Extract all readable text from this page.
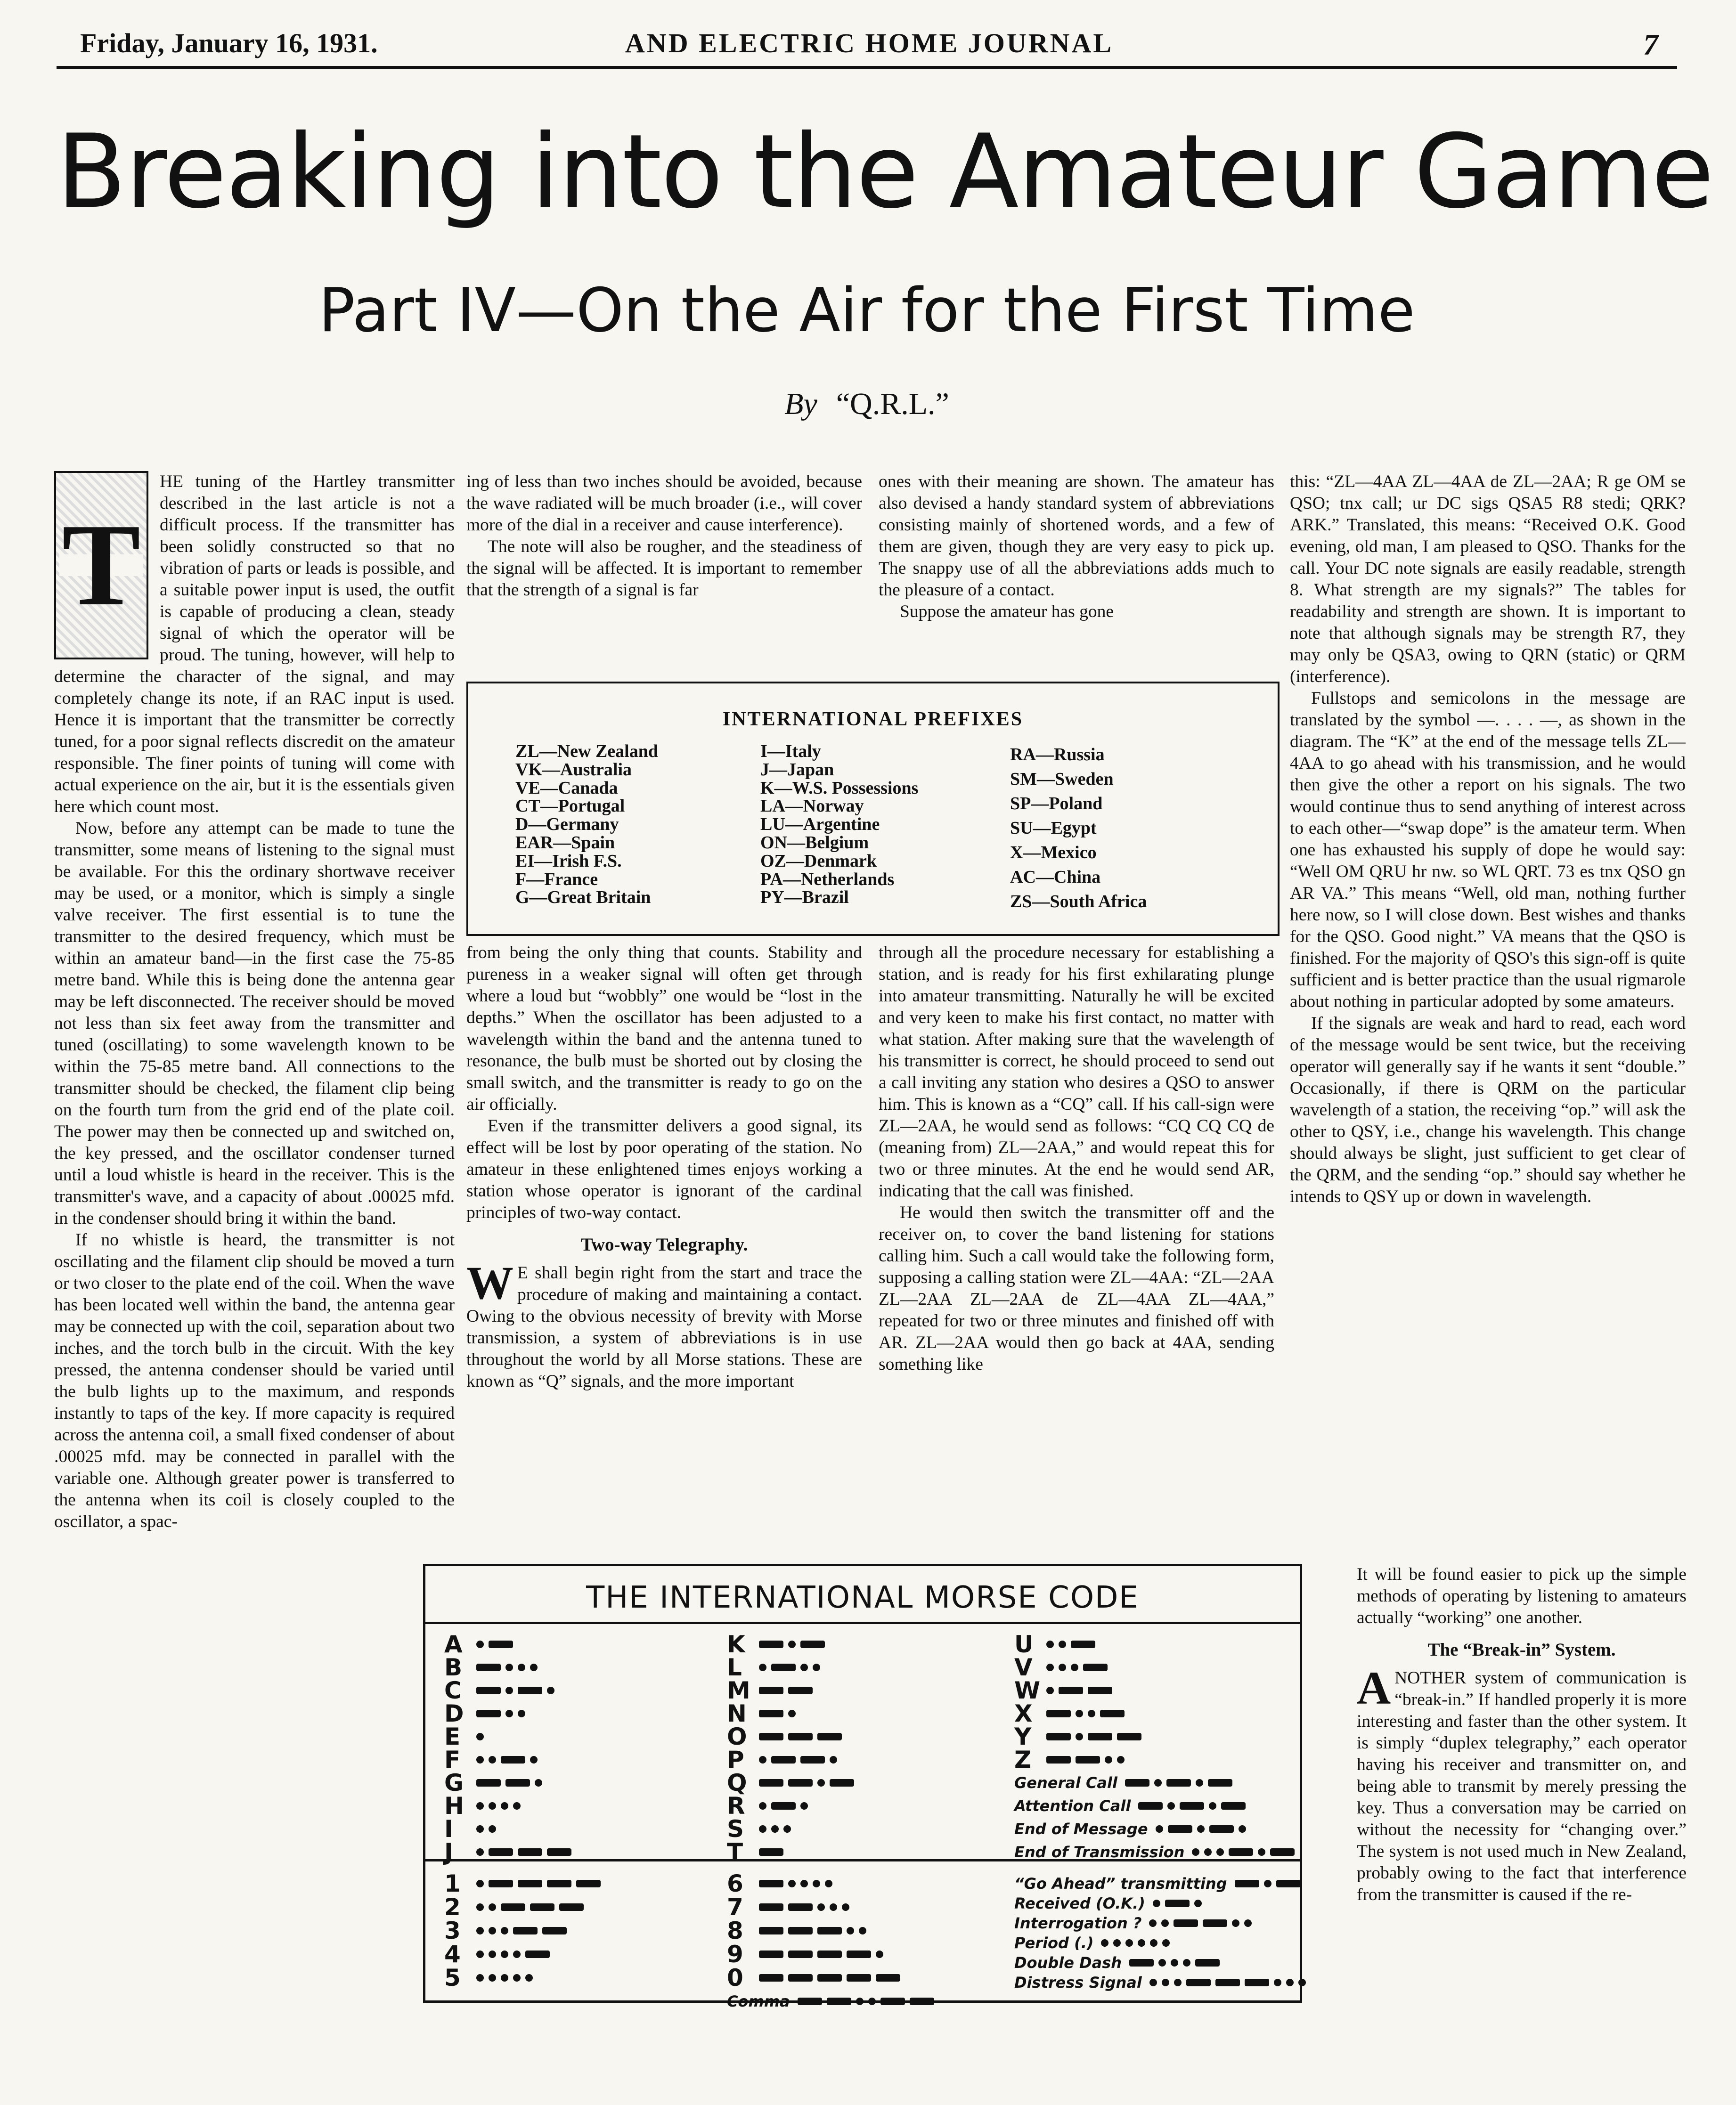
Friday, January 16, 1931.	AND ELECTRIC HOME JOURNAL	7
Breaking into the Amateur Game
Part IV—On the Air for the First Time
By “Q.R.L.”
T

HE tuning of the Hartley transmitter described in the last article is not a difficult process. If the transmitter has been solidly constructed so that no vibration of parts or leads is possible, and a suitable power input is used, the outfit is capable of producing a clean, steady signal of which the operator will be proud. The tuning, however, will help to determine the character of the signal, and may completely change its note, if an RAC input is used. Hence it is important that the transmitter be correctly tuned, for a poor signal reflects discredit on the amateur responsible. The finer points of tuning will come with actual experience on the air, but it is the essentials given here which count most.

Now, before any attempt can be made to tune the transmitter, some means of listening to the signal must be available. For this the ordinary shortwave receiver may be used, or a monitor, which is simply a single valve receiver. The first essential is to tune the transmitter to the desired frequency, which must be within an amateur band—in the first case the 75-85 metre band. While this is being done the antenna gear may be left disconnected. The receiver should be moved not less than six feet away from the transmitter and tuned (oscillating) to some wavelength known to be within the 75-85 metre band. All connections to the transmitter should be checked, the filament clip being on the fourth turn from the grid end of the plate coil. The power may then be connected up and switched on, the key pressed, and the oscillator condenser turned until a loud whistle is heard in the receiver. This is the transmitter's wave, and a capacity of about .00025 mfd. in the condenser should bring it within the band.

If no whistle is heard, the transmitter is not oscillating and the filament clip should be moved a turn or two closer to the plate end of the coil. When the wave has been located well within the band, the antenna gear may be connected up with the coil, separation about two inches, and the torch bulb in the circuit. With the key pressed, the antenna condenser should be varied until the bulb lights up to the maximum, and responds instantly to taps of the key. If more capacity is required across the antenna coil, a small fixed condenser of about .00025 mfd. may be connected in parallel with the variable one. Although greater power is transferred to the antenna when its coil is closely coupled to the oscillator, a spac-

ing of less than two inches should be avoided, because the wave radiated will be much broader (i.e., will cover more of the dial in a receiver and cause interference).

The note will also be rougher, and the steadiness of the signal will be affected. It is important to remember that the strength of a signal is far

from being the only thing that counts. Stability and pureness in a weaker signal will often get through where a loud but “wobbly” one would be “lost in the depths.” When the oscillator has been adjusted to a wavelength within the band and the antenna tuned to resonance, the bulb must be shorted out by closing the small switch, and the transmitter is ready to go on the air officially.

Even if the transmitter delivers a good signal, its effect will be lost by poor operating of the station. No amateur in these enlightened times enjoys working a station whose operator is ignorant of the cardinal principles of two-way contact.

Two-way Telegraphy.

W E shall begin right from the start and trace the procedure of making and maintaining a contact. Owing to the obvious necessity of brevity with Morse transmission, a system of abbreviations is in use throughout the world by all Morse stations. These are known as “Q” signals, and the more important

ones with their meaning are shown. The amateur has also devised a handy standard system of abbreviations consisting mainly of shortened words, and a few of them are given, though they are very easy to pick up. The snappy use of all the abbreviations adds much to the pleasure of a contact.

Suppose the amateur has gone

through all the procedure necessary for establishing a station, and is ready for his first exhilarating plunge into amateur transmitting. Naturally he will be excited and very keen to make his first contact, no matter with what station. After making sure that the wavelength of his transmitter is correct, he should proceed to send out a call inviting any station who desires a QSO to answer him. This is known as a “CQ” call. If his call-sign were ZL—2AA, he would send as follows: “CQ CQ CQ de (meaning from) ZL—2AA,” and would repeat this for two or three minutes. At the end he would send AR, indicating that the call was finished.

He would then switch the transmitter off and the receiver on, to cover the band listening for stations calling him. Such a call would take the following form, supposing a calling station were ZL—4AA: “ZL—2AA ZL—2AA ZL—2AA de ZL—4AA ZL—4AA,” repeated for two or three minutes and finished off with AR. ZL—2AA would then go back at 4AA, sending something like

this: “ZL—4AA ZL—4AA de ZL—2AA; R ge OM se QSO; tnx call; ur DC sigs QSA5 R8 stedi; QRK? ARK.” Translated, this means: “Received O.K. Good evening, old man, I am pleased to QSO. Thanks for the call. Your DC note signals are easily readable, strength 8. What strength are my signals?” The tables for readability and strength are shown. It is important to note that although signals may be strength R7, they may only be QSA3, owing to QRN (static) or QRM (interference).

Fullstops and semicolons in the message are translated by the symbol —. . . . —, as shown in the diagram. The “K” at the end of the message tells ZL—4AA to go ahead with his transmission, and he would then give the other a report on his signals. The two would continue thus to send anything of interest across to each other—“swap dope” is the amateur term. When one has exhausted his supply of dope he would say: “Well OM QRU hr nw. so WL QRT. 73 es tnx QSO gn AR VA.” This means “Well, old man, nothing further here now, so I will close down. Best wishes and thanks for the QSO. Good night.” VA means that the QSO is finished. For the majority of QSO's this sign-off is quite sufficient and is better practice than the usual rigmarole about nothing in particular adopted by some amateurs.

If the signals are weak and hard to read, each word of the message would be sent twice, but the receiving operator will generally say if he wants it sent “double.” Occasionally, if there is QRM on the particular wavelength of a station, the receiving “op.” will ask the other to QSY, i.e., change his wavelength. This change should always be slight, just sufficient to get clear of the QRM, and the sending “op.” should say whether he intends to QSY up or down in wavelength.

It will be found easier to pick up the simple methods of operating by listening to amateurs actually “working” one another.

The “Break-in” System.

ANOTHER system of communication is “break-in.” If handled properly it is more interesting and faster than the other system. It is simply “duplex telegraphy,” each operator having his receiver and transmitter on, and being able to transmit by merely pressing the key. Thus a conversation may be carried on without the necessity for “changing over.” The system is not used much in New Zealand, probably owing to the fact that interference from the transmitter is caused if the re-

INTERNATIONAL PREFIXES
ZL—New Zealand
VK—Australia
VE—Canada
CT—Portugal
D—Germany
EAR—Spain
EI—Irish F.S.
F—France
G—Great Britain
I—Italy
J—Japan
K—W.S. Possessions
LA—Norway
LU—Argentine
ON—Belgium
OZ—Denmark
PA—Netherlands
PY—Brazil
RA—Russia
SM—Sweden
SP—Poland
SU—Egypt
X—Mexico
AC—China
ZS—South Africa
THE INTERNATIONAL MORSE CODE
A
B
C
D
E
F
G
H
I
J
K
L
M
N
O
P
Q
R
S
T
U
V
W
X
Y
Z
General Call
Attention Call
End of Message
End of Transmission
1
2
3
4
5
6
7
8
9
0
Comma
“Go Ahead” transmitting
Received (O.K.)
Interrogation ?
Period (.)
Double Dash
Distress Signal
